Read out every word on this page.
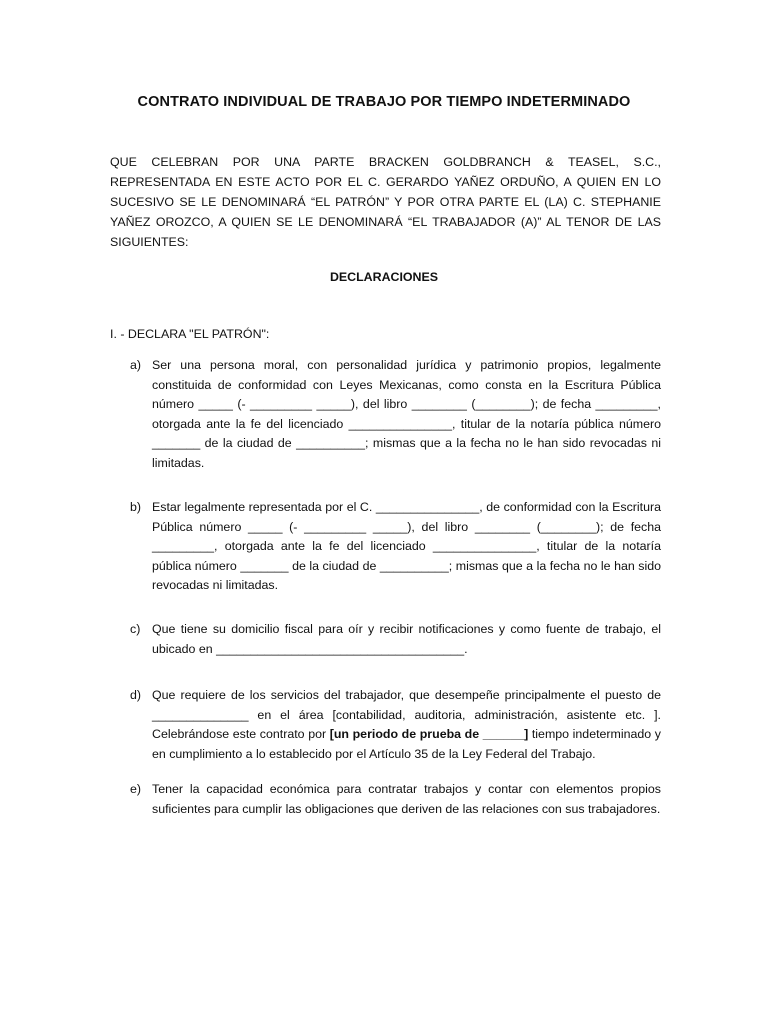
CONTRATO INDIVIDUAL DE TRABAJO POR TIEMPO INDETERMINADO
QUE CELEBRAN POR UNA PARTE BRACKEN GOLDBRANCH & TEASEL, S.C., REPRESENTADA EN ESTE ACTO POR EL C. GERARDO YAÑEZ ORDUÑO, A QUIEN EN LO SUCESIVO SE LE DENOMINARÁ “EL PATRÓN” Y POR OTRA PARTE EL (LA) C. STEPHANIE YAÑEZ OROZCO, A QUIEN SE LE DENOMINARÁ “EL TRABAJADOR (A)” AL TENOR DE LAS SIGUIENTES:
DECLARACIONES
I. - DECLARA "EL PATRÓN":
a) Ser una persona moral, con personalidad jurídica y patrimonio propios, legalmente constituida de conformidad con Leyes Mexicanas, como consta en la Escritura Pública número _____ (- _________ _____), del libro ________ (________); de fecha _________, otorgada ante la fe del licenciado _______________, titular de la notaría pública número _______ de la ciudad de __________; mismas que a la fecha no le han sido revocadas ni limitadas.
b) Estar legalmente representada por el C. _______________, de conformidad con la Escritura Pública número _____ (- _________ _____), del libro ________ (________); de fecha _________, otorgada ante la fe del licenciado _______________, titular de la notaría pública número _______ de la ciudad de __________; mismas que a la fecha no le han sido revocadas ni limitadas.
c) Que tiene su domicilio fiscal para oír y recibir notificaciones y como fuente de trabajo, el ubicado en ____________________________________.
d) Que requiere de los servicios del trabajador, que desempeñe principalmente el puesto de ______________ en el área [contabilidad, auditoria, administración, asistente etc. ]. Celebrándose este contrato por [un periodo de prueba de ______] tiempo indeterminado y en cumplimiento a lo establecido por el Artículo 35 de la Ley Federal del Trabajo.
e) Tener la capacidad económica para contratar trabajos y contar con elementos propios suficientes para cumplir las obligaciones que deriven de las relaciones con sus trabajadores.
